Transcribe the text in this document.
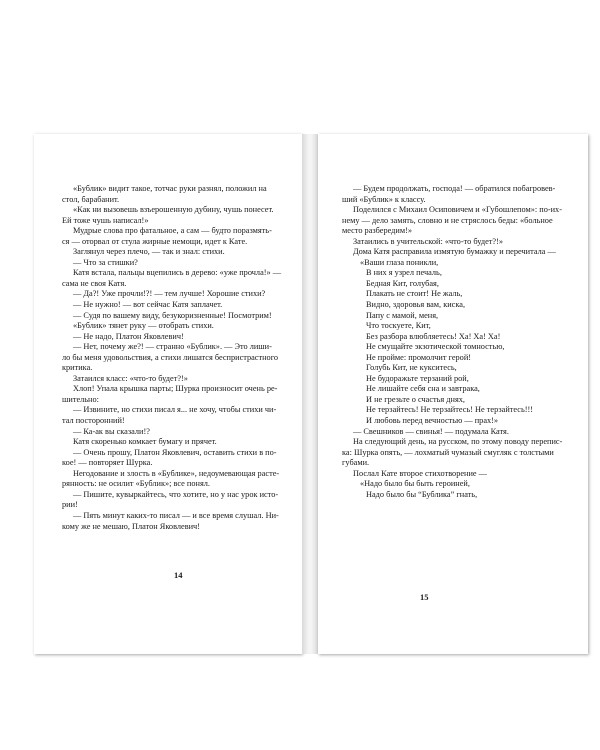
«Бублик» видит такое, тотчас руки разнял, положил на
стол, барабанит.
«Как ни вызовешь взъерошенную дубину, чушь понесет.
Ей тоже чушь написал!»
Мудрые слова про фатальное, а сам — будто поразмять-
ся — оторвал от стула жирные немощи, идет к Кате.
Заглянул через плечо, — так и знал: стихи.
— Что за стишки?
Катя встала, пальцы вцепились в дерево: «уже прочла!» —
сама не своя Катя.
— Да?! Уже прочли!?! — тем лучше! Хорошие стихи?
— Не нужно! — вот сейчас Катя заплачет.
— Судя по вашему виду, безукоризненные! Посмотрим!
«Бублик» тянет руку — отобрать стихи.
— Не надо, Платон Яковлевич!
— Нет, почему же?! — странно «Бублик». — Это лиши-
ло бы меня удовольствия, а стихи лишатся беспристрастного
критика.
Затаился класс: «что-то будет?!»
Хлоп! Упала крышка парты; Шурка произносит очень ре-
шительно:
— Извините, но стихи писал я... не хочу, чтобы стихи чи-
тал посторонний!
— Ка-ак вы сказали!?
Катя скоренько комкает бумагу и прячет.
— Очень прошу, Платон Яковлевич, оставить стихи в по-
кое! — повторяет Шурка.
Негодование и злость в «Бублике», недоумевающая расте-
рянность: не осилит «Бублик»; все понял.
— Пишите, кувыркайтесь, что хотите, но у нас урок исто-
рии!
— Пять минут каких-то писал — и все время слушал. Ни-
кому же не мешаю, Платон Яковлевич!
14
— Будем продолжать, господа! — обратился побагровев-
ший «Бублик» к классу.
Поделился с Михаил Осиповичем и «Губошлепом»: по-их-
нему — дело замять, словно и не стряслось беды: «больное
место разбередим!»
Затаились в учительской: «что-то будет?!»
Дома Катя расправила измятую бумажку и перечитала —
«Ваши глаза поникли,
В них я узрел печаль,
Бедная Кит, голубая,
Плакать не стоит! Не жаль,
Видно, здоровья вам, киска,
Папу с мамой, меня,
Что тоскуете, Кит,
Без разбора влюбляетесь! Ха! Ха! Ха!
Не смущайте экзотической томностью,
Не пройме: промолчит герой!
Голубь Кит, не кукситесь,
Не будоражьте терзаний рой,
Не лишайте себя сна и завтрака,
И не грезьте о счастья днях,
Не терзайтесь! Не терзайтесь! Не терзайтесь!!!
И любовь перед вечностью — прах!»
— Свешников — свинья! — подумала Катя.
На следующий день, на русском, по этому поводу перепис-
ка: Шурка опять, — лохматый чумазый смугляк с толстыми
губами.
Послал Кате второе стихотворение —
«Надо было бы быть героиней,
Надо было бы “Бублика” гнать,
15
